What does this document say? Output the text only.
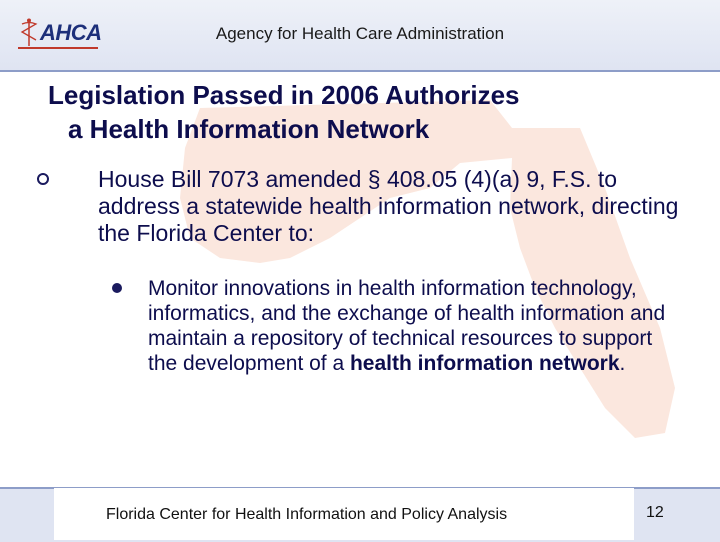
AHCA	Agency for Health Care Administration
Legislation Passed in 2006 Authorizes
a Health Information Network
House Bill 7073 amended § 408.05 (4)(a) 9, F.S. to address a statewide health information network, directing the Florida Center to:
Monitor innovations in health information technology, informatics, and the exchange of health information and maintain a repository of technical resources to support the development of a health information network.
Florida Center for Health Information and Policy Analysis	12
